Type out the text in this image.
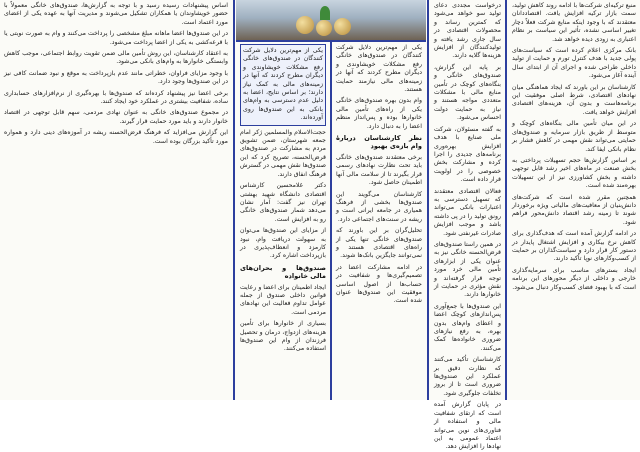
منبع ترکیه‌ای شرکت‌ها با ادامه روند کاهش تولید، سمت بازار ترکیه افزایش یافت. اقتصاددانان معتقدند که با وجود اینکه منابع شرکت فعلاً دچار تغییر اساسی نشده، تأثیر این سیاست بر نظام اعتباری به زودی دیده خواهد شد.

بانک مرکزی اعلام کرده است که سیاست‌های پولی جدید با هدف کنترل تورم و حمایت از تولید داخلی طراحی شده و اجرای آن از ابتدای سال آینده آغاز می‌شود.

کارشناسان بر این باورند که ایجاد هماهنگی میان نهادهای اقتصادی، شرط اصلی موفقیت این برنامه‌هاست و بدون آن، هزینه‌های اقتصادی افزایش خواهد یافت.

در این میان تأمین مالی بنگاه‌های کوچک و متوسط از طریق بازار سرمایه و صندوق‌های حمایتی می‌تواند نقش مهمی در کاهش فشار بر نظام بانکی ایفا کند.

بر اساس گزارش‌ها حجم تسهیلات پرداختی به بخش صنعت در ماه‌های اخیر رشد قابل توجهی داشته و بخش کشاورزی نیز از این تسهیلات بهره‌مند شده است.

همچنین مقرر شده است که شرکت‌های دانش‌بنیان از معافیت‌های مالیاتی ویژه برخوردار شوند تا زمینه رشد اقتصاد دانش‌محور فراهم شود.

در ادامه گزارش آمده است که هدف‌گذاری برای کاهش نرخ بیکاری و افزایش اشتغال پایدار در دستور کار قرار دارد و سیاست‌گذاران بر حمایت از کسب‌وکارهای نوپا تأکید دارند.

ایجاد بسترهای مناسب برای سرمایه‌گذاری خارجی و داخلی از دیگر محورهای این برنامه است که با بهبود فضای کسب‌وکار دنبال می‌شود.

درخواست مجددی دعای تولید سو خواهد می‌شود که کمترین رساند و محصولات اقتصادی در سال جاری رشد یافته و تولیدکنندگان از افزایش هزینه‌ها گلایه دارند.

بر پایه این گزارش، صندوق‌های خانگی و بنگاه‌های کوچک در تأمین منابع مالی با مشکلات متعددی مواجه هستند و نیاز به حمایت دولت احساس می‌شود.

به گفته مسئولان، شرکت ملی صنایع با هدف افزایش بهره‌وری برنامه‌های جدیدی را اجرا کرده و مشارکت بخش خصوصی را در اولویت قرار داده است.

فعالان اقتصادی معتقدند که تسهیل دسترسی به اعتبارات بانکی می‌تواند رونق تولید را در پی داشته باشد و موجب افزایش صادرات غیرنفتی شود.

در همین راستا صندوق‌های قرض‌الحسنه خانگی نیز به عنوان یکی از ابزارهای تأمین مالی خرد مورد توجه قرار گرفته‌اند و نقش مؤثری در حمایت از خانوارها دارند.

این صندوق‌ها با جمع‌آوری پس‌اندازهای کوچک اعضا و اعطای وام‌های بدون بهره، به رفع نیازهای ضروری خانواده‌ها کمک می‌کنند.

کارشناسان تأکید می‌کنند که نظارت دقیق بر عملکرد این صندوق‌ها ضروری است تا از بروز تخلفات جلوگیری شود.

در پایان گزارش آمده است که ارتقای شفافیت مالی و استفاده از فناوری‌های نوین می‌تواند اعتماد عمومی به این نهادها را افزایش دهد.

یکی از مهم‌ترین دلایل شرکت کنندگان در صندوق‌های خانگی رفع مشکلات خویشاوندی و دیگران مطرح کردند که آنها در زمینه‌های مالی نیازمند حمایت هستند.

وام بدون بهره صندوق‌های خانگی یکی از راه‌های تأمین مالی خانوارها بوده و پس‌انداز منظم اعضا را به دنبال دارد.

نظر کارشناسان دربارهٔ وام بازه‌ی بهبود

برخی معتقدند صندوق‌های خانگی باید تحت نظارت نهادهای رسمی قرار بگیرند تا از سلامت مالی آنها اطمینان حاصل شود.

کارشناسان می‌گویند این صندوق‌ها بخشی از فرهنگ همیاری در جامعه ایرانی است و ریشه در سنت‌های اجتماعی دارد.

تحلیل‌گران بر این باورند که صندوق‌های خانگی تنها یکی از راه‌های اقتصادی هستند و نمی‌توانند جایگزین بانک‌ها شوند.

در ادامه مشارکت اعضا در تصمیم‌گیری‌ها و شفافیت در حساب‌ها از اصول اساسی موفقیت این صندوق‌ها عنوان شده است.

یکی از مهم‌ترین دلایل شرکت کنندگان در صندوق‌های خانگی رفع مشکلات خویشاوندی و دیگران مطرح کردند که آنها در زمینه‌های مالی به کمک نیاز دارند؛ بر اساس نتایج، اعضا به دلیل عدم دسترسی به وام‌های بانکی به این صندوق‌ها روی آورده‌اند.

حجت‌الاسلام والمسلمین ژکر امام جمعه شهرستان، ضمن تشویق مردم به مشارکت در صندوق‌های قرض‌الحسنه، تصریح کرد که این صندوق‌ها نقش مهمی در گسترش فرهنگ انفاق دارند.

دکتر غلامحسین کارشناس اقتصادی دانشگاه شهید بهشتی تهران نیز گفت: آمار نشان می‌دهد شمار صندوق‌های خانگی رو به افزایش است.

از مزایای این صندوق‌ها می‌توان به سهولت دریافت وام، نبود کارمزد و انعطاف‌پذیری در بازپرداخت اشاره کرد.

صندوق‌ها و بحران‌های مالی خانواده

ایجاد اطمینان برای اعضا و رعایت قوانین داخلی صندوق از جمله عوامل تداوم فعالیت این نهادهای مردمی است.

بسیاری از خانوارها برای تأمین هزینه‌های ازدواج، درمان و تحصیل فرزندان از وام این صندوق‌ها استفاده می‌کنند.

اساس پیشنهادات رسیده رسید و با توجه به گزارش‌ها، صندوق‌های خانگی معمولاً با حضور خویشاوندان یا همکاران تشکیل می‌شوند و مدیریت آنها به عهده یکی از اعضای مورد اعتماد است.

در این صندوق‌ها اعضا ماهانه مبلغ مشخصی را پرداخت می‌کنند و وام به صورت نوبتی یا با قرعه‌کشی به یکی از اعضا پرداخت می‌شود.

به اعتقاد کارشناسان، این روش تأمین مالی ضمن تقویت روابط اجتماعی، موجب کاهش وابستگی خانوارها به وام‌های بانکی می‌شود.

با وجود مزایای فراوان، خطراتی مانند عدم بازپرداخت به موقع و نبود ضمانت کافی نیز در این صندوق‌ها وجود دارد.

برخی اعضا نیز پیشنهاد کرده‌اند که صندوق‌ها با بهره‌گیری از نرم‌افزارهای حسابداری ساده، شفافیت بیشتری در عملکرد خود ایجاد کنند.

در مجموع صندوق‌های خانگی به عنوان نهادی مردمی، سهم قابل توجهی در اقتصاد خانوار دارند و باید مورد حمایت قرار گیرند.

این گزارش می‌افزاید که فرهنگ قرض‌الحسنه ریشه در آموزه‌های دینی دارد و همواره مورد تأکید بزرگان بوده است.
